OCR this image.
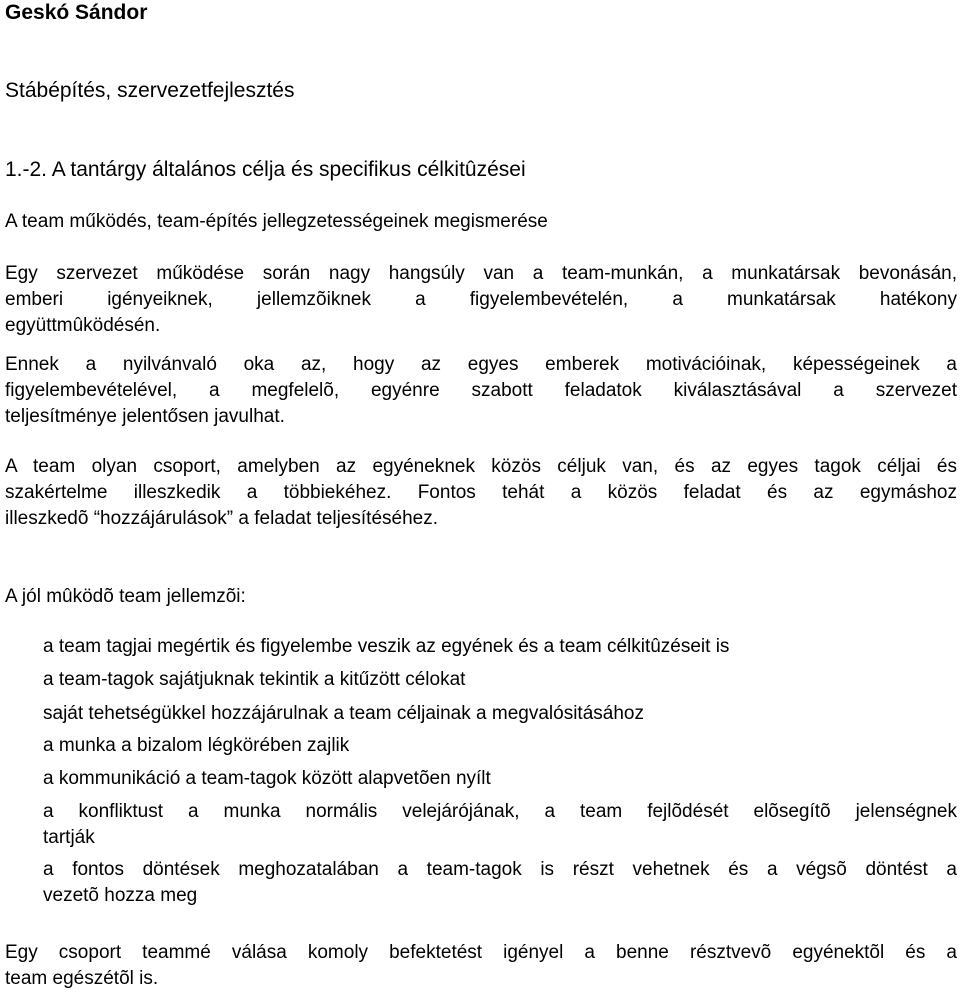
Geskó Sándor
Stábépítés, szervezetfejlesztés
1.-2. A tantárgy általános célja és specifikus célkitûzései
A team működés, team-építés jellegzetességeinek megismerése
Egy szervezet működése során nagy hangsúly van a team-munkán, a munkatársak bevonásán,
emberi igényeiknek, jellemzõiknek a figyelembevételén, a munkatársak hatékony
együttmûködésén.
Ennek a nyilvánvaló oka az, hogy az egyes emberek motivációinak, képességeinek a
figyelembevételével, a megfelelõ, egyénre szabott feladatok kiválasztásával a szervezet
teljesítménye jelentősen javulhat.
A team olyan csoport, amelyben az egyéneknek közös céljuk van, és az egyes tagok céljai és
szakértelme illeszkedik a többiekéhez. Fontos tehát a közös feladat és az egymáshoz
illeszkedõ “hozzájárulások” a feladat teljesítéséhez.
A jól mûködõ team jellemzõi:
a team tagjai megértik és figyelembe veszik az egyének és a team célkitûzéseit is
a team-tagok sajátjuknak tekintik a kitűzött célokat
saját tehetségükkel hozzájárulnak a team céljainak a megvalósitásához
a munka a bizalom légkörében zajlik
a kommunikáció a team-tagok között alapvetõen nyílt
a konfliktust a munka normális velejárójának, a team fejlõdését elõsegítõ jelenségnek
tartják
a fontos döntések meghozatalában a team-tagok is részt vehetnek és a végsõ döntést a
vezetõ hozza meg
Egy csoport teammé válása komoly befektetést igényel a benne résztvevõ egyénektõl és a
team egészétõl is.
